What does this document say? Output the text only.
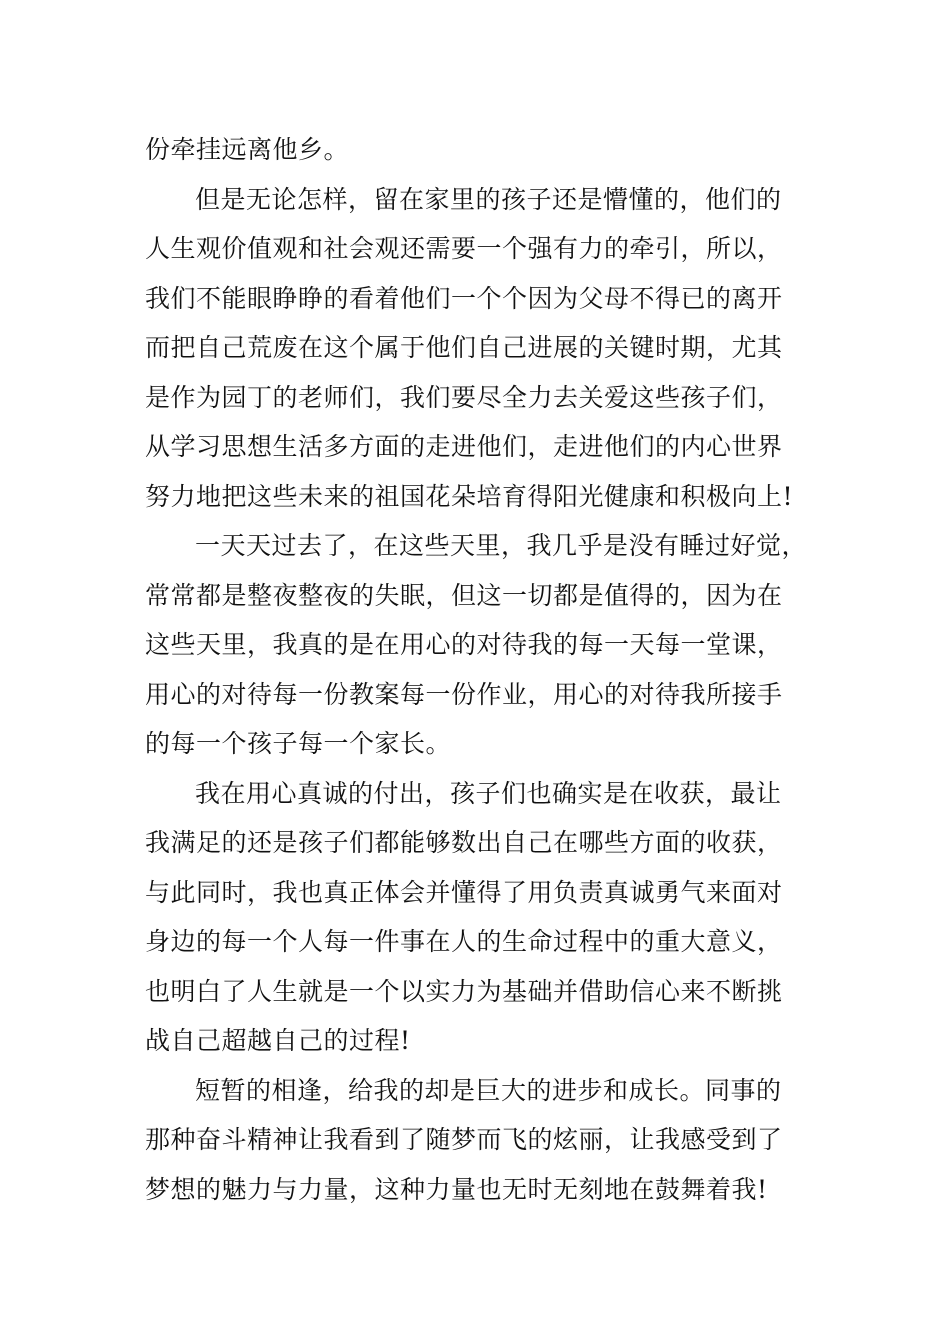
份牵挂远离他乡。
但是无论怎样，留在家里的孩子还是懵懂的，他们的
人生观价值观和社会观还需要一个强有力的牵引，所以，
我们不能眼睁睁的看着他们一个个因为父母不得已的离开
而把自己荒废在这个属于他们自己进展的关键时期，尤其
是作为园丁的老师们，我们要尽全力去关爱这些孩子们，
从学习思想生活多方面的走进他们，走进他们的内心世界
努力地把这些未来的祖国花朵培育得阳光健康和积极向上!
一天天过去了，在这些天里，我几乎是没有睡过好觉，
常常都是整夜整夜的失眠，但这一切都是值得的，因为在
这些天里，我真的是在用心的对待我的每一天每一堂课，
用心的对待每一份教案每一份作业，用心的对待我所接手
的每一个孩子每一个家长。
我在用心真诚的付出，孩子们也确实是在收获，最让
我满足的还是孩子们都能够数出自己在哪些方面的收获，
与此同时，我也真正体会并懂得了用负责真诚勇气来面对
身边的每一个人每一件事在人的生命过程中的重大意义，
也明白了人生就是一个以实力为基础并借助信心来不断挑
战自己超越自己的过程!
短暂的相逢，给我的却是巨大的进步和成长。同事的
那种奋斗精神让我看到了随梦而飞的炫丽，让我感受到了
梦想的魅力与力量，这种力量也无时无刻地在鼓舞着我!
